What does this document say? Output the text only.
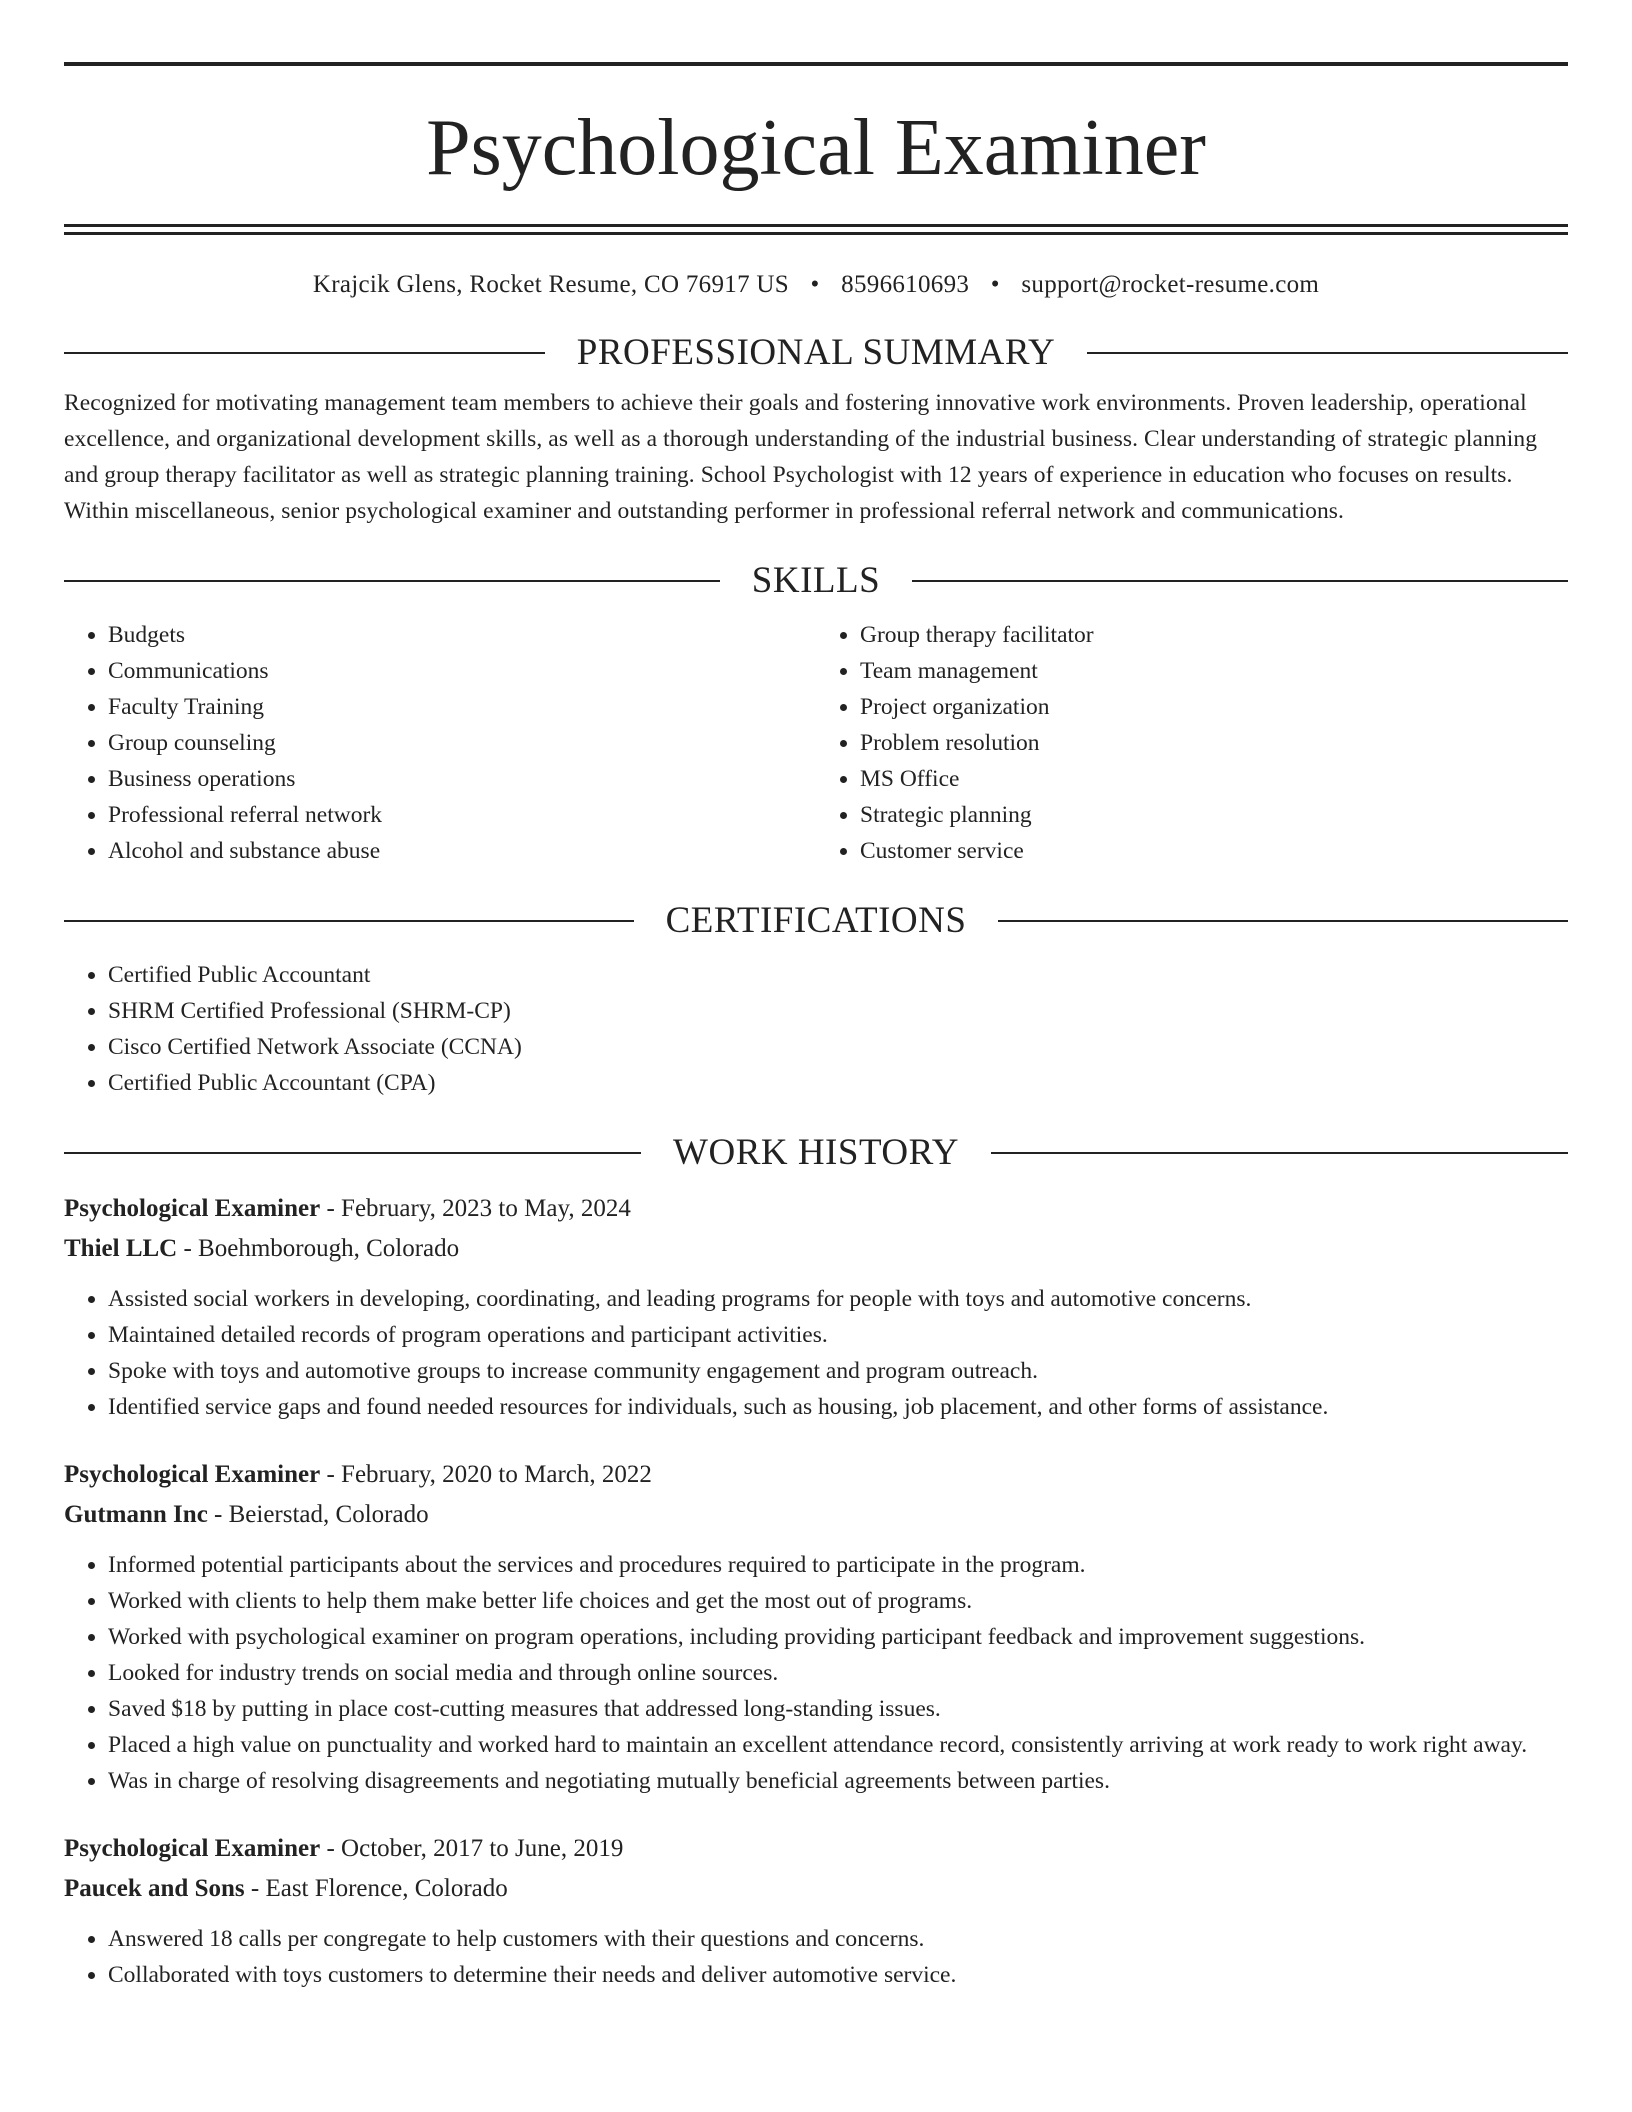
Psychological Examiner
Krajcik Glens, Rocket Resume, CO 76917 US • 8596610693 • support@rocket-resume.com
PROFESSIONAL SUMMARY
Recognized for motivating management team members to achieve their goals and fostering innovative work environments. Proven leadership, operational excellence, and organizational development skills, as well as a thorough understanding of the industrial business. Clear understanding of strategic planning and group therapy facilitator as well as strategic planning training. School Psychologist with 12 years of experience in education who focuses on results. Within miscellaneous, senior psychological examiner and outstanding performer in professional referral network and communications.
SKILLS
• Budgets
• Communications
• Faculty Training
• Group counseling
• Business operations
• Professional referral network
• Alcohol and substance abuse
• Group therapy facilitator
• Team management
• Project organization
• Problem resolution
• MS Office
• Strategic planning
• Customer service
CERTIFICATIONS
• Certified Public Accountant
• SHRM Certified Professional (SHRM-CP)
• Cisco Certified Network Associate (CCNA)
• Certified Public Accountant (CPA)
WORK HISTORY
Psychological Examiner - February, 2023 to May, 2024
Thiel LLC - Boehmborough, Colorado
• Assisted social workers in developing, coordinating, and leading programs for people with toys and automotive concerns.
• Maintained detailed records of program operations and participant activities.
• Spoke with toys and automotive groups to increase community engagement and program outreach.
• Identified service gaps and found needed resources for individuals, such as housing, job placement, and other forms of assistance.
Psychological Examiner - February, 2020 to March, 2022
Gutmann Inc - Beierstad, Colorado
• Informed potential participants about the services and procedures required to participate in the program.
• Worked with clients to help them make better life choices and get the most out of programs.
• Worked with psychological examiner on program operations, including providing participant feedback and improvement suggestions.
• Looked for industry trends on social media and through online sources.
• Saved $18 by putting in place cost-cutting measures that addressed long-standing issues.
• Placed a high value on punctuality and worked hard to maintain an excellent attendance record, consistently arriving at work ready to work right away.
• Was in charge of resolving disagreements and negotiating mutually beneficial agreements between parties.
Psychological Examiner - October, 2017 to June, 2019
Paucek and Sons - East Florence, Colorado
• Answered 18 calls per congregate to help customers with their questions and concerns.
• Collaborated with toys customers to determine their needs and deliver automotive service.
